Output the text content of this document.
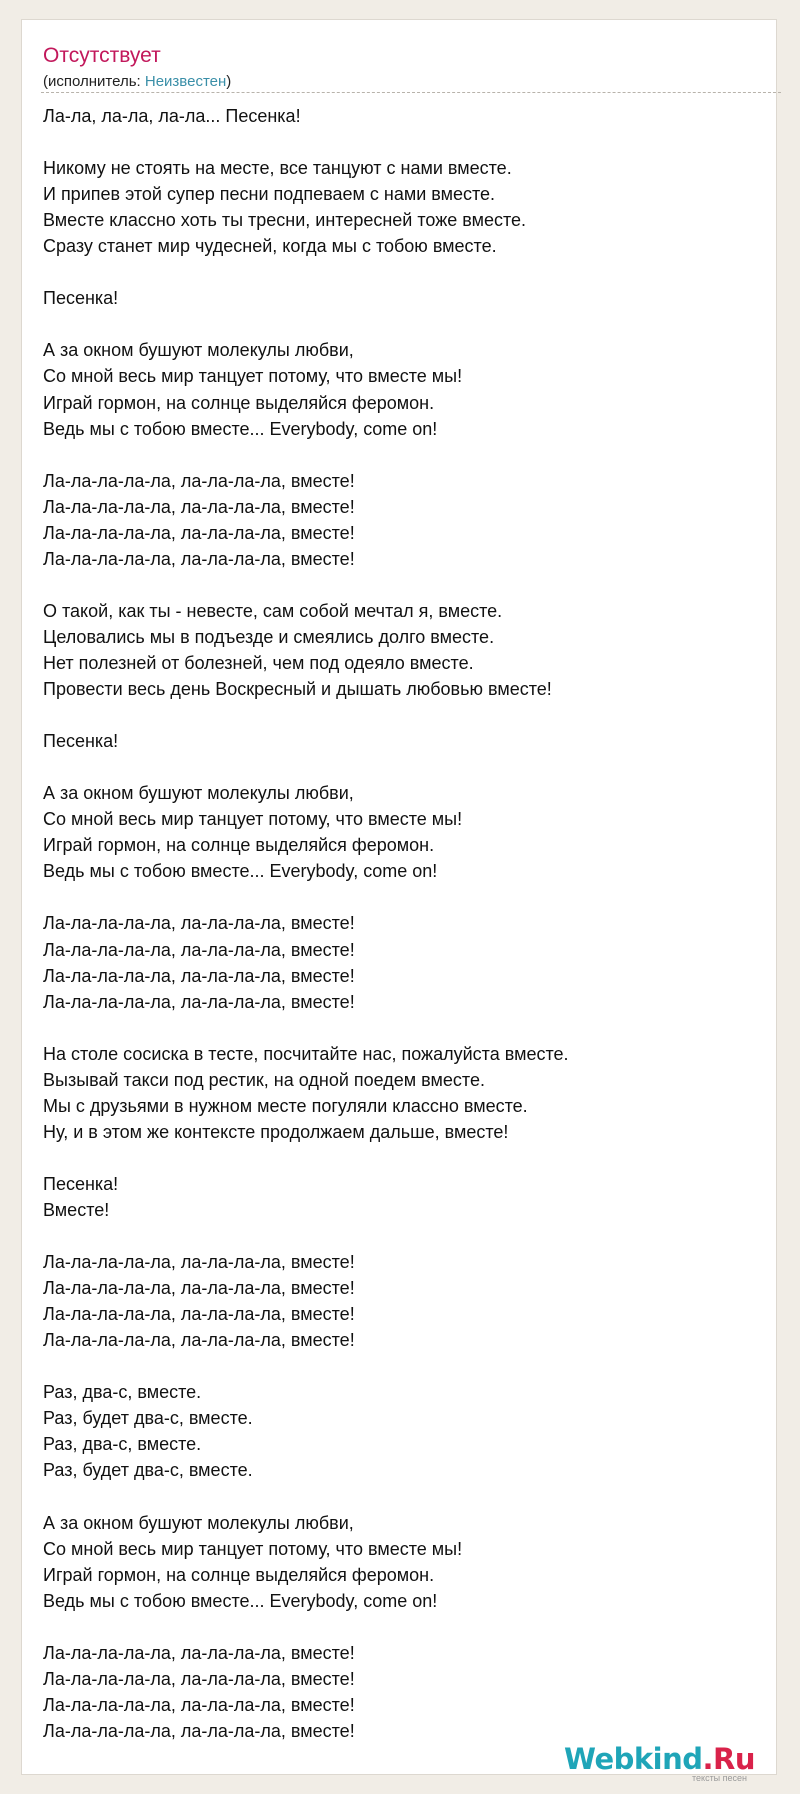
Отсутствует
(исполнитель: Неизвестен)
Ла-ла, ла-ла, ла-ла... Песенка!
Никому не стоять на месте, все танцуют с нами вместе.
И припев этой супер песни подпеваем с нами вместе.
Вместе классно хоть ты тресни, интересней тоже вместе.
Сразу станет мир чудесней, когда мы с тобою вместе.
Песенка!
А за окном бушуют молекулы любви,
Со мной весь мир танцует потому, что вместе мы!
Играй гормон, на солнце выделяйся феромон.
Ведь мы с тобою вместе... Everybody, come on!
Ла-ла-ла-ла-ла, ла-ла-ла-ла, вместе!
Ла-ла-ла-ла-ла, ла-ла-ла-ла, вместе!
Ла-ла-ла-ла-ла, ла-ла-ла-ла, вместе!
Ла-ла-ла-ла-ла, ла-ла-ла-ла, вместе!
О такой, как ты - невесте, сам собой мечтал я, вместе.
Целовались мы в подъезде и смеялись долго вместе.
Нет полезней от болезней, чем под одеяло вместе.
Провести весь день Воскресный и дышать любовью вместе!
Песенка!
А за окном бушуют молекулы любви,
Со мной весь мир танцует потому, что вместе мы!
Играй гормон, на солнце выделяйся феромон.
Ведь мы с тобою вместе... Everybody, come on!
Ла-ла-ла-ла-ла, ла-ла-ла-ла, вместе!
Ла-ла-ла-ла-ла, ла-ла-ла-ла, вместе!
Ла-ла-ла-ла-ла, ла-ла-ла-ла, вместе!
Ла-ла-ла-ла-ла, ла-ла-ла-ла, вместе!
На столе сосиска в тесте, посчитайте нас, пожалуйста вместе.
Вызывай такси под рестик, на одной поедем вместе.
Мы с друзьями в нужном месте погуляли классно вместе.
Ну, и в этом же контексте продолжаем дальше, вместе!
Песенка!
Вместе!
Ла-ла-ла-ла-ла, ла-ла-ла-ла, вместе!
Ла-ла-ла-ла-ла, ла-ла-ла-ла, вместе!
Ла-ла-ла-ла-ла, ла-ла-ла-ла, вместе!
Ла-ла-ла-ла-ла, ла-ла-ла-ла, вместе!
Раз, два-с, вместе.
Раз, будет два-с, вместе.
Раз, два-с, вместе.
Раз, будет два-с, вместе.
А за окном бушуют молекулы любви,
Со мной весь мир танцует потому, что вместе мы!
Играй гормон, на солнце выделяйся феромон.
Ведь мы с тобою вместе... Everybody, come on!
Ла-ла-ла-ла-ла, ла-ла-ла-ла, вместе!
Ла-ла-ла-ла-ла, ла-ла-ла-ла, вместе!
Ла-ла-ла-ла-ла, ла-ла-ла-ла, вместе!
Ла-ла-ла-ла-ла, ла-ла-ла-ла, вместе!
Webkind.Ru
тексты песен
